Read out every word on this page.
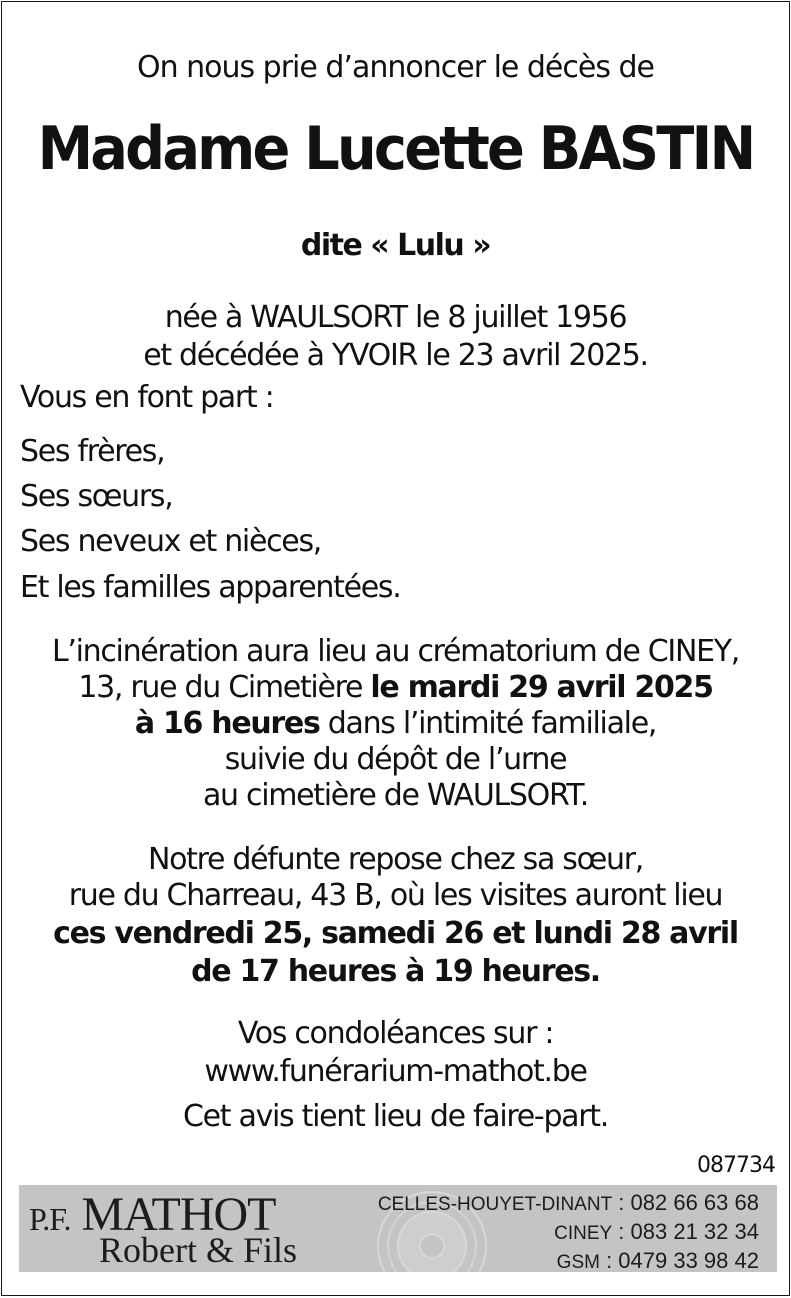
On nous prie d’annoncer le décès de

Madame Lucette BASTIN

dite « Lulu »

née à WAULSORT le 8 juillet 1956

et décédée à YVOIR le 23 avril 2025.

Vous en font part :

Ses frères,

Ses sœurs,

Ses neveux et nièces,

Et les familles apparentées.

L’incinération aura lieu au crématorium de CINEY,

13, rue du Cimetière le mardi 29 avril 2025

à 16 heures dans l’intimité familiale,

suivie du dépôt de l’urne

au cimetière de WAULSORT.

Notre défunte repose chez sa sœur,

rue du Charreau, 43 B, où les visites auront lieu

ces vendredi 25, samedi 26 et lundi 28 avril

de 17 heures à 19 heures.

Vos condoléances sur :

www.funérarium-mathot.be

Cet avis tient lieu de faire-part.

087734

P.F. MATHOT
Robert & Fils
CELLES-HOUYET-DINANT : 082 66 63 68
CINEY : 083 21 32 34
GSM : 0479 33 98 42
